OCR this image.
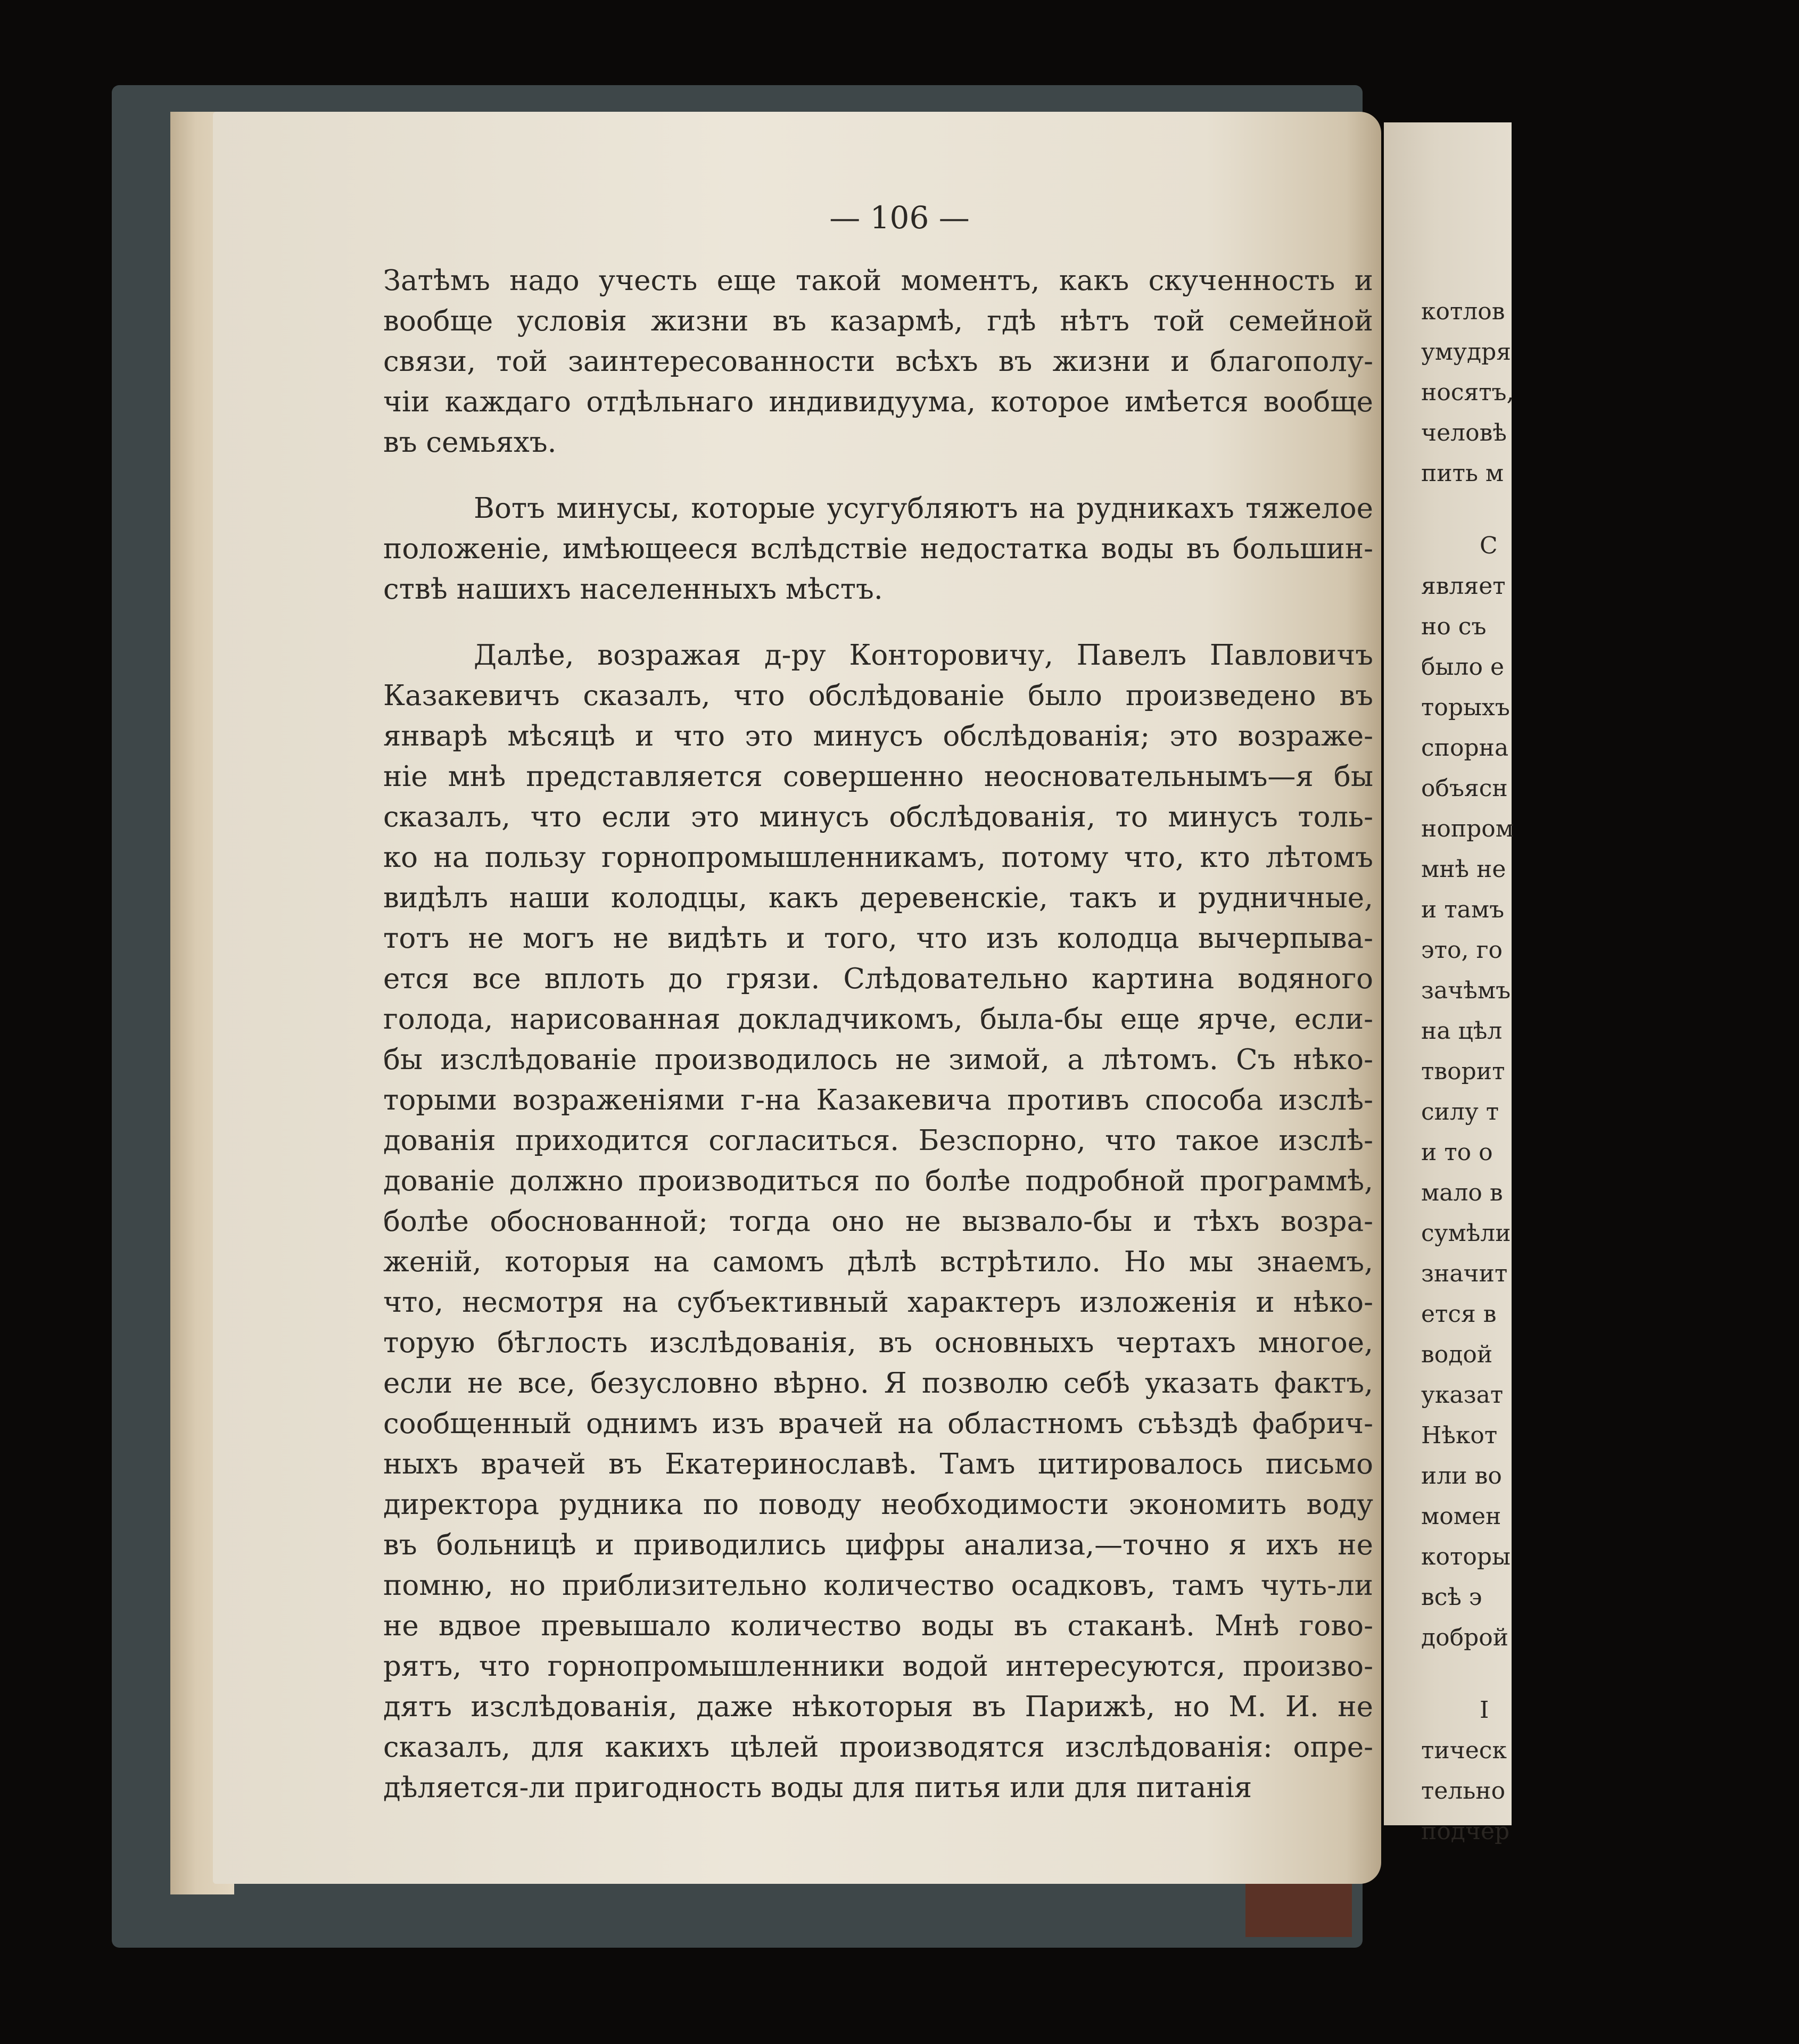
котлов
умудря
носятъ,
человѣ
пить м
С
являет
но съ
было е
торыхъ
спорна
объясн
нопром
мнѣ не
и тамъ
это, го
зачѣмъ
на цѣл
творит
силу т
и то о
мало в
сумѣли
значит
ется в
водой
указат
Нѣкот
или во
момен
которы
всѣ э
доброй
I
тическ
тельно
подчер
— 106 —

Затѣмъ надо учесть еще такой моментъ, какъ скученность и
вообще условія жизни въ казармѣ, гдѣ нѣтъ той семейной
связи, той заинтересованности всѣхъ въ жизни и благополу-
чіи каждаго отдѣльнаго индивидуума, которое имѣется вообще
въ семьяхъ.

Вотъ минусы, которые усугубляютъ на рудникахъ тяжелое
положеніе, имѣющееся вслѣдствіе недостатка воды въ большин-
ствѣ нашихъ населенныхъ мѣстъ.

Далѣе, возражая д-ру Конторовичу, Павелъ Павловичъ
Казакевичъ сказалъ, что обслѣдованіе было произведено въ
январѣ мѣсяцѣ и что это минусъ обслѣдованія; это возраже-
ніе мнѣ представляется совершенно неосновательнымъ—я бы
сказалъ, что если это минусъ обслѣдованія, то минусъ толь-
ко на пользу горнопромышленникамъ, потому что, кто лѣтомъ
видѣлъ наши колодцы, какъ деревенскіе, такъ и рудничные,
тотъ не могъ не видѣть и того, что изъ колодца вычерпыва-
ется все вплоть до грязи. Слѣдовательно картина водяного
голода, нарисованная докладчикомъ, была-бы еще ярче, если-
бы изслѣдованіе производилось не зимой, а лѣтомъ. Съ нѣко-
торыми возраженіями г-на Казакевича противъ способа изслѣ-
дованія приходится согласиться. Безспорно, что такое изслѣ-
дованіе должно производиться по болѣе подробной программѣ,
болѣе обоснованной; тогда оно не вызвало-бы и тѣхъ возра-
женій, которыя на самомъ дѣлѣ встрѣтило. Но мы знаемъ,
что, несмотря на субъективный характеръ изложенія и нѣко-
торую бѣглость изслѣдованія, въ основныхъ чертахъ многое,
если не все, безусловно вѣрно. Я позволю себѣ указать фактъ,
сообщенный однимъ изъ врачей на областномъ съѣздѣ фабрич-
ныхъ врачей въ Екатеринославѣ. Тамъ цитировалось письмо
директора рудника по поводу необходимости экономить воду
въ больницѣ и приводились цифры анализа,—точно я ихъ не
помню, но приблизительно количество осадковъ, тамъ чуть-ли
не вдвое превышало количество воды въ стаканѣ. Мнѣ гово-
рятъ, что горнопромышленники водой интересуются, произво-
дятъ изслѣдованія, даже нѣкоторыя въ Парижѣ, но М. И. не
сказалъ, для какихъ цѣлей производятся изслѣдованія: опре-
дѣляется-ли пригодность воды для питья или для питанія
